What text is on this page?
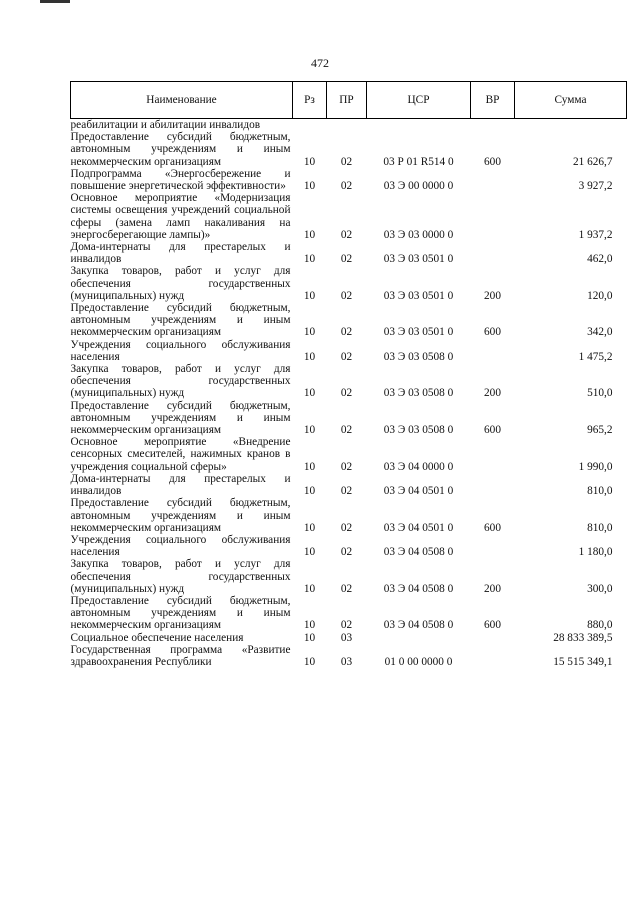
472
Наименование	Рз	ПР	ЦСР	ВР	Сумма
реабилитации и абилитации инвалидов					
Предоставление субсидий бюджетным, автономным учреждениям и иным некоммерческим организациям	10	02	03 Р 01 R514 0	600	21 626,7
Подпрограмма «Энергосбережение и повышение энергетической эффективности»	10	02	03 Э 00 0000 0		3 927,2
Основное мероприятие «Модернизация системы освещения учреждений социальной сферы (замена ламп накаливания на энергосберегающие лампы)»	10	02	03 Э 03 0000 0		1 937,2
Дома-интернаты для престарелых и инвалидов	10	02	03 Э 03 0501 0		462,0
Закупка товаров, работ и услуг для обеспечения государственных (муниципальных) нужд	10	02	03 Э 03 0501 0	200	120,0
Предоставление субсидий бюджетным, автономным учреждениям и иным некоммерческим организациям	10	02	03 Э 03 0501 0	600	342,0
Учреждения социального обслуживания населения	10	02	03 Э 03 0508 0		1 475,2
Закупка товаров, работ и услуг для обеспечения государственных (муниципальных) нужд	10	02	03 Э 03 0508 0	200	510,0
Предоставление субсидий бюджетным, автономным учреждениям и иным некоммерческим организациям	10	02	03 Э 03 0508 0	600	965,2
Основное мероприятие «Внедрение сенсорных смесителей, нажимных кранов в учреждения социальной сферы»	10	02	03 Э 04 0000 0		1 990,0
Дома-интернаты для престарелых и инвалидов	10	02	03 Э 04 0501 0		810,0
Предоставление субсидий бюджетным, автономным учреждениям и иным некоммерческим организациям	10	02	03 Э 04 0501 0	600	810,0
Учреждения социального обслуживания населения	10	02	03 Э 04 0508 0		1 180,0
Закупка товаров, работ и услуг для обеспечения государственных (муниципальных) нужд	10	02	03 Э 04 0508 0	200	300,0
Предоставление субсидий бюджетным, автономным учреждениям и иным некоммерческим организациям	10	02	03 Э 04 0508 0	600	880,0
Социальное обеспечение населения	10	03			28 833 389,5
Государственная программа «Развитие здравоохранения Республики	10	03	01 0 00 0000 0		15 515 349,1
